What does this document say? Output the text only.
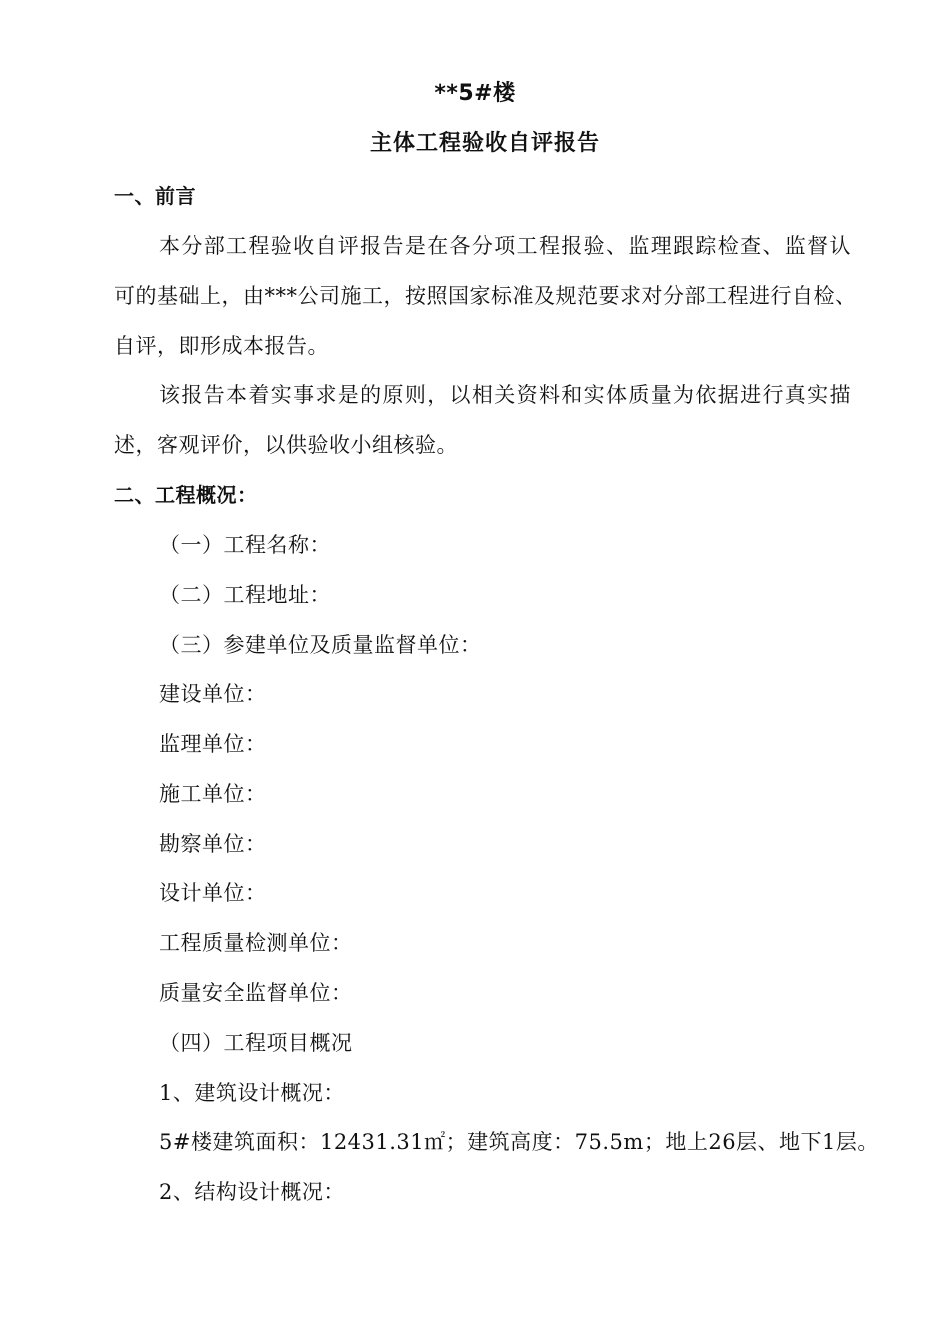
**5#楼
主体工程验收自评报告
一、前言
本分部工程验收自评报告是在各分项工程报验、监理跟踪检查、监督认
可的基础上，由***公司施工，按照国家标准及规范要求对分部工程进行自检、
自评，即形成本报告。
该报告本着实事求是的原则，以相关资料和实体质量为依据进行真实描
述，客观评价，以供验收小组核验。
二、工程概况：
（一）工程名称：
（二）工程地址：
（三）参建单位及质量监督单位：
建设单位：
监理单位：
施工单位：
勘察单位：
设计单位：
工程质量检测单位：
质量安全监督单位：
（四）工程项目概况
1、建筑设计概况：
5#楼建筑面积：12431.31㎡；建筑高度：75.5m；地上26层、地下1层。
2、结构设计概况：
